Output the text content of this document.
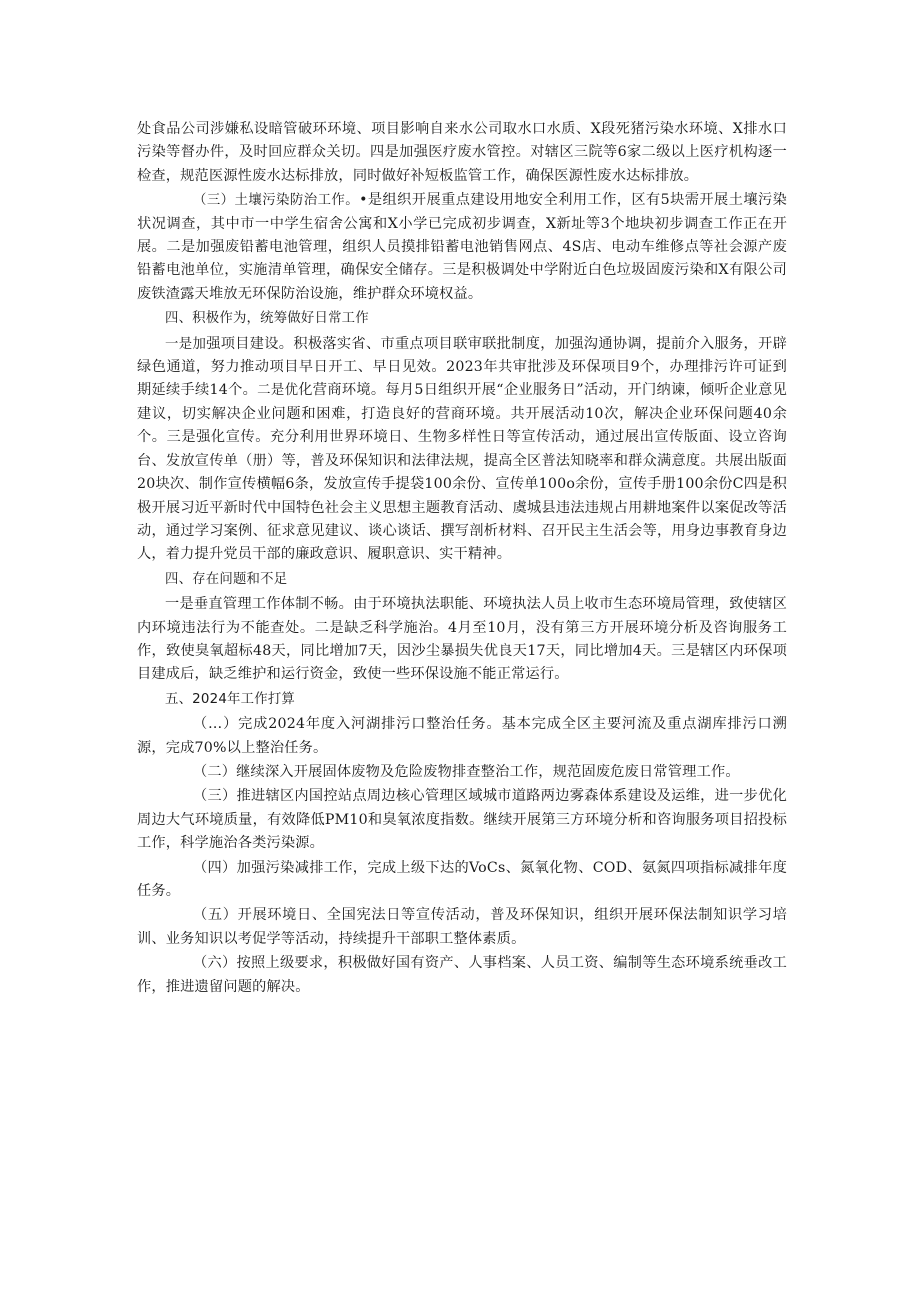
处食品公司涉嫌私设暗管破环环境、项目影响自来水公司取水口水质、X段死猪污染水环境、X排水口污染等督办件，及时回应群众关切。四是加强医疗废水管控。对辖区三院等6家二级以上医疗机构逐一检查，规范医源性废水达标排放，同时做好补短板监管工作，确保医源性废水达标排放。

（三）土壤污染防治工作。•是组织开展重点建设用地安全利用工作，区有5块需开展土壤污染状况调查，其中市一中学生宿舍公寓和X小学已完成初步调查，X新址等3个地块初步调查工作正在开展。二是加强废铅蓄电池管理，组织人员摸排铅蓄电池销售网点、4S店、电动车维修点等社会源产废铅蓄电池单位，实施清单管理，确保安全储存。三是积极调处中学附近白色垃圾固废污染和X有限公司废铁渣露天堆放无环保防治设施，维护群众环境权益。

四、积极作为，统筹做好日常工作

一是加强项目建设。积极落实省、市重点项目联审联批制度，加强沟通协调，提前介入服务，开辟绿色通道，努力推动项目早日开工、早日见效。2023年共审批涉及环保项目9个，办理排污许可证到期延续手续14个。二是优化营商环境。每月5日组织开展“企业服务日”活动，开门纳谏，倾听企业意见建议，切实解决企业问题和困难，打造良好的营商环境。共开展活动10次，解决企业环保问题40余个。三是强化宣传。充分利用世界环境日、生物多样性日等宣传活动，通过展出宣传版面、设立咨询台、发放宣传单（册）等，普及环保知识和法律法规，提高全区普法知晓率和群众满意度。共展出版面20块次、制作宣传横幅6条，发放宣传手提袋100余份、宣传单100o余份，宣传手册100余份C四是积极开展习近平新时代中国特色社会主义思想主题教育活动、虞城县违法违规占用耕地案件以案促改等活动，通过学习案例、征求意见建议、谈心谈话、撰写剖析材料、召开民主生活会等，用身边事教育身边人，着力提升党员干部的廉政意识、履职意识、实干精神。

四、存在问题和不足

一是垂直管理工作体制不畅。由于环境执法职能、环境执法人员上收市生态环境局管理，致使辖区内环境违法行为不能查处。二是缺乏科学施治。4月至10月，没有第三方开展环境分析及咨询服务工作，致使臭氧超标48天，同比增加7天，因沙尘暴损失优良天17天，同比增加4天。三是辖区内环保项目建成后，缺乏维护和运行资金，致使一些环保设施不能正常运行。

五、2024年工作打算

（…）完成2024年度入河湖排污口整治任务。基本完成全区主要河流及重点湖库排污口溯源，完成70%以上整治任务。

（二）继续深入开展固体废物及危险废物排查整治工作，规范固废危废日常管理工作。

（三）推进辖区内国控站点周边核心管理区域城市道路两边雾森体系建设及运维，进一步优化周边大气环境质量，有效降低PM10和臭氧浓度指数。继续开展第三方环境分析和咨询服务项目招投标工作，科学施治各类污染源。

（四）加强污染减排工作，完成上级下达的VoCs、氮氧化物、COD、氨氮四项指标减排年度任务。

（五）开展环境日、全国宪法日等宣传活动，普及环保知识，组织开展环保法制知识学习培训、业务知识以考促学等活动，持续提升干部职工整体素质。

（六）按照上级要求，积极做好国有资产、人事档案、人员工资、编制等生态环境系统垂改工作，推进遗留问题的解决。
